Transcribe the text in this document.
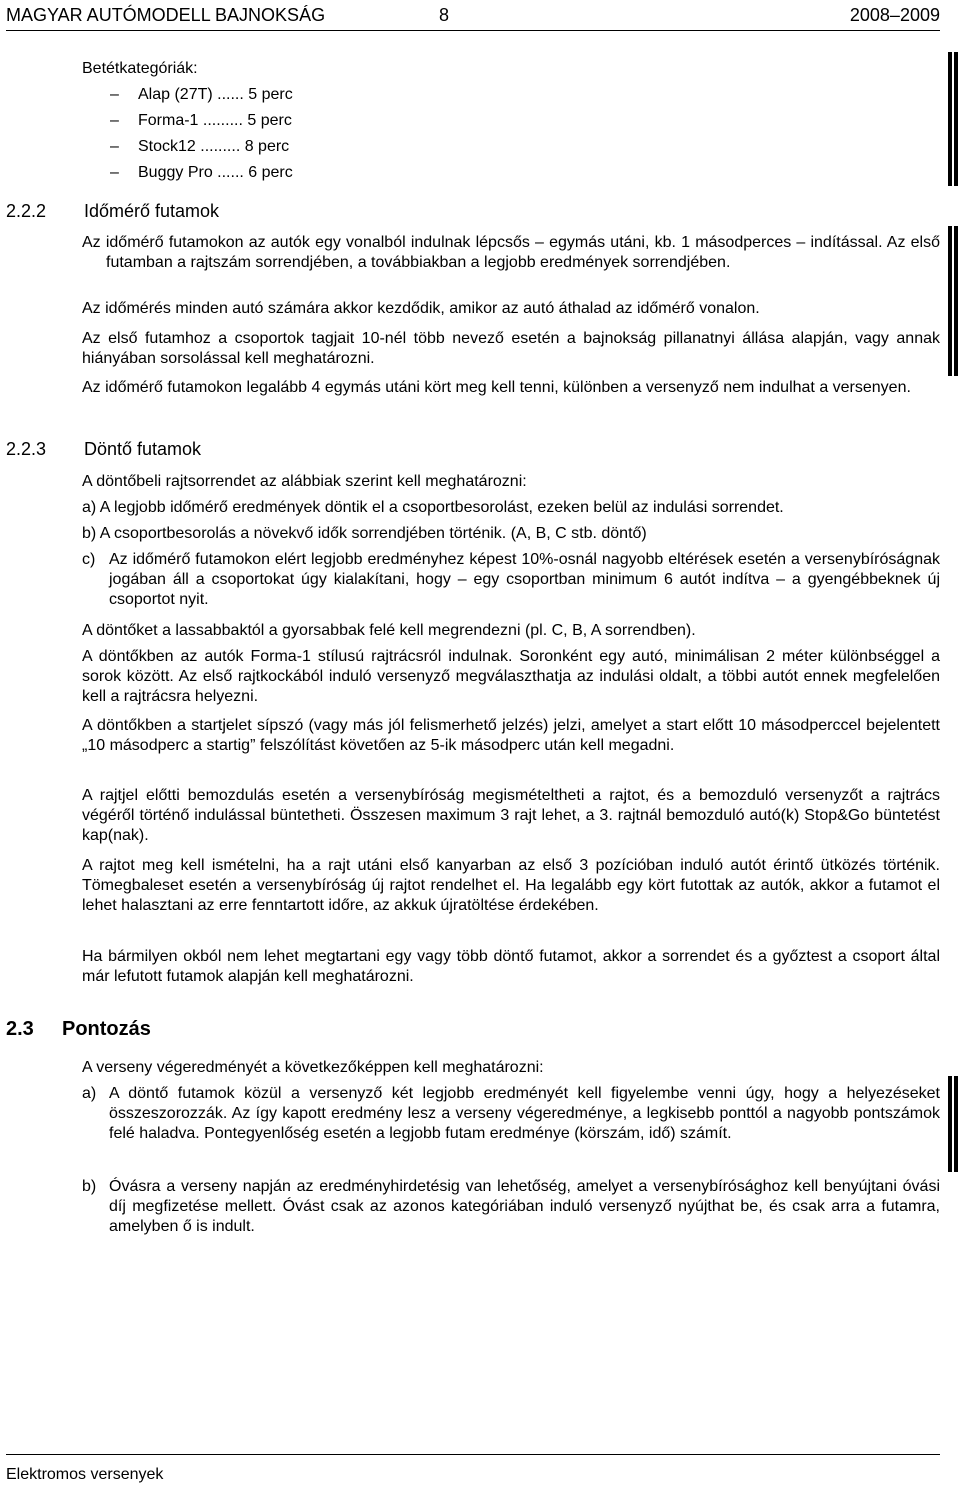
MAGYAR AUTÓMODELL BAJNOKSÁG	8	2008–2009
Betétkategóriák:
– Alap (27T) ...... 5 perc
– Forma-1 ......... 5 perc
– Stock12 ......... 8 perc
– Buggy Pro ...... 6 perc
2.2.2 Időmérő futamok
Az időmérő futamokon az autók egy vonalból indulnak lépcsős – egymás utáni, kb. 1 másodperces – indítással. Az első futamban a rajtszám sorrendjében, a továbbiakban a legjobb eredmények sorrendjében.
Az időmérés minden autó számára akkor kezdődik, amikor az autó áthalad az időmérő vonalon.
Az első futamhoz a csoportok tagjait 10-nél több nevező esetén a bajnokság pillanatnyi állása alapján, vagy annak hiányában sorsolással kell meghatározni.
Az időmérő futamokon legalább 4 egymás utáni kört meg kell tenni, különben a versenyző nem indulhat a versenyen.
2.2.3 Döntő futamok
A döntőbeli rajtsorrendet az alábbiak szerint kell meghatározni:
a) A legjobb időmérő eredmények döntik el a csoportbesorolást, ezeken belül az indulási sorrendet.
b) A csoportbesorolás a növekvő idők sorrendjében történik. (A, B, C stb. döntő)
c) Az időmérő futamokon elért legjobb eredményhez képest 10%-osnál nagyobb eltérések esetén a versenybíróságnak jogában áll a csoportokat úgy kialakítani, hogy – egy csoportban minimum 6 autót indítva – a gyengébbeknek új csoportot nyit.
A döntőket a lassabbaktól a gyorsabbak felé kell megrendezni (pl. C, B, A sorrendben).
A döntőkben az autók Forma-1 stílusú rajtrácsról indulnak. Soronként egy autó, minimálisan 2 méter különbséggel a sorok között. Az első rajtkockából induló versenyző megválaszthatja az indulási oldalt, a többi autót ennek megfelelően kell a rajtrácsra helyezni.
A döntőkben a startjelet sípszó (vagy más jól felismerhető jelzés) jelzi, amelyet a start előtt 10 másodperccel bejelentett „10 másodperc a startig” felszólítást követően az 5-ik másodperc után kell megadni.
A rajtjel előtti bemozdulás esetén a versenybíróság megismételtheti a rajtot, és a bemozduló versenyzőt a rajtrács végéről történő indulással büntetheti. Összesen maximum 3 rajt lehet, a 3. rajtnál bemozduló autó(k) Stop&Go büntetést kap(nak).
A rajtot meg kell ismételni, ha a rajt utáni első kanyarban az első 3 pozícióban induló autót érintő ütközés történik. Tömegbaleset esetén a versenybíróság új rajtot rendelhet el. Ha legalább egy kört futottak az autók, akkor a futamot el lehet halasztani az erre fenntartott időre, az akkuk újratöltése érdekében.
Ha bármilyen okból nem lehet megtartani egy vagy több döntő futamot, akkor a sorrendet és a győztest a csoport által már lefutott futamok alapján kell meghatározni.
2.3 Pontozás
A verseny végeredményét a következőképpen kell meghatározni:
a) A döntő futamok közül a versenyző két legjobb eredményét kell figyelembe venni úgy, hogy a helyezéseket összeszorozzák. Az így kapott eredmény lesz a verseny végeredménye, a legkisebb ponttól a nagyobb pontszámok felé haladva. Pontegyenlőség esetén a legjobb futam eredménye (körszám, idő) számít.
b) Óvásra a verseny napján az eredményhirdetésig van lehetőség, amelyet a versenybírósághoz kell benyújtani óvási díj megfizetése mellett. Óvást csak az azonos kategóriában induló versenyző nyújthat be, és csak arra a futamra, amelyben ő is indult.
Elektromos versenyek
